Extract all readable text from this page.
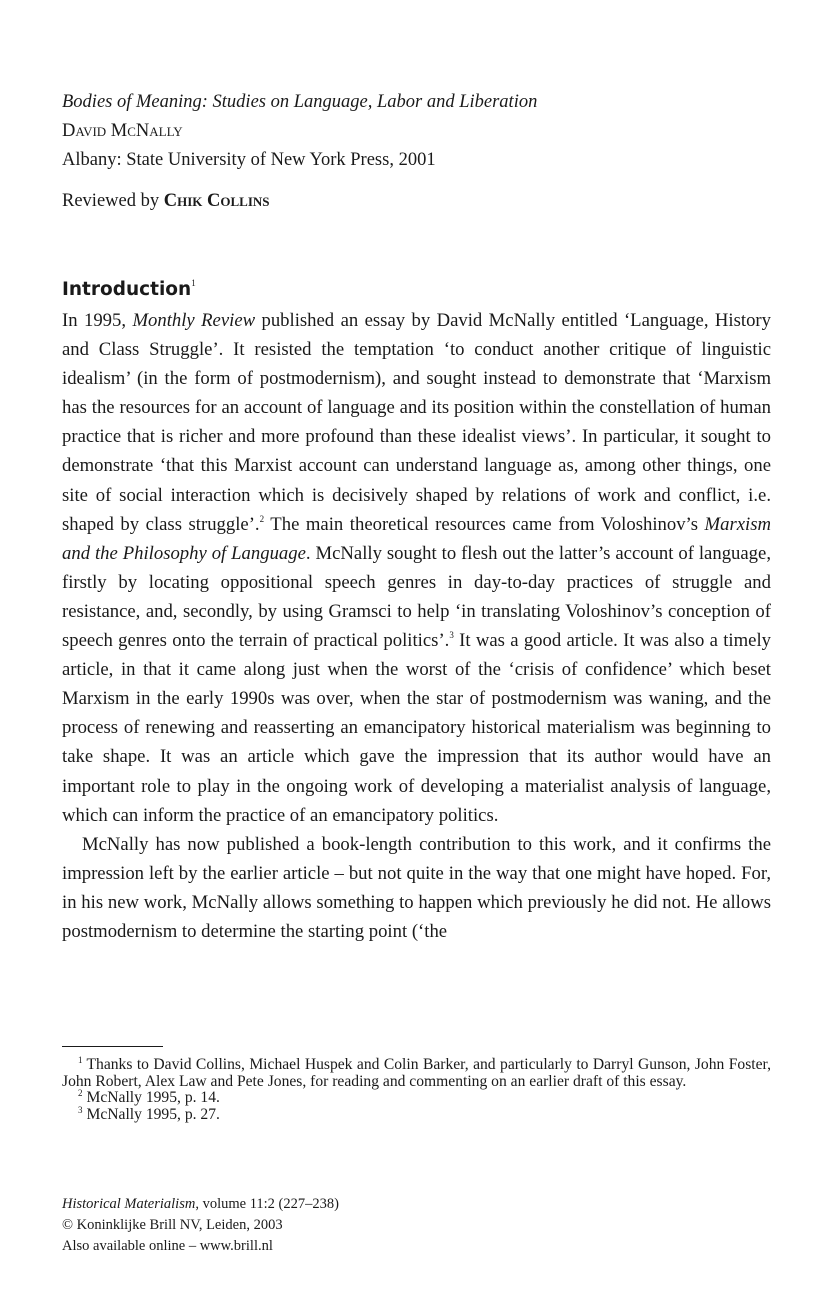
Bodies of Meaning: Studies on Language, Labor and Liberation
David McNally
Albany: State University of New York Press, 2001
Reviewed by Chik Collins
Introduction$^1$

In 1995, Monthly Review published an essay by David McNally entitled ‘Language, History and Class Struggle’. It resisted the temptation ‘to conduct another critique of linguistic idealism’ (in the form of postmodernism), and sought instead to demonstrate that ‘Marxism has the resources for an account of language and its position within the constellation of human practice that is richer and more profound than these idealist views’. In particular, it sought to demonstrate ‘that this Marxist account can understand language as, among other things, one site of social interaction which is decisively shaped by relations of work and conflict, i.e. shaped by class struggle’.$^2$ The main theoretical resources came from Voloshinov’s Marxism and the Philosophy of Language. McNally sought to flesh out the latter’s account of language, firstly by locating oppositional speech genres in day-to-day practices of struggle and resistance, and, secondly, by using Gramsci to help ‘in translating Voloshinov’s conception of speech genres onto the terrain of practical politics’.$^3$ It was a good article. It was also a timely article, in that it came along just when the worst of the ‘crisis of confidence’ which beset Marxism in the early 1990s was over, when the star of postmodernism was waning, and the process of renewing and reasserting an emancipatory historical materialism was beginning to take shape. It was an article which gave the impression that its author would have an important role to play in the ongoing work of developing a materialist analysis of language, which can inform the practice of an emancipatory politics.

McNally has now published a book-length contribution to this work, and it confirms the impression left by the earlier article – but not quite in the way that one might have hoped. For, in his new work, McNally allows something to happen which previously he did not. He allows postmodernism to determine the starting point (‘the

$^1$ Thanks to David Collins, Michael Huspek and Colin Barker, and particularly to Darryl Gunson, John Foster, John Robert, Alex Law and Pete Jones, for reading and commenting on an earlier draft of this essay.

$^2$ McNally 1995, p. 14.

$^3$ McNally 1995, p. 27.

Historical Materialism, volume 11:2 (227–238)
© Koninklijke Brill NV, Leiden, 2003
Also available online – www.brill.nl
